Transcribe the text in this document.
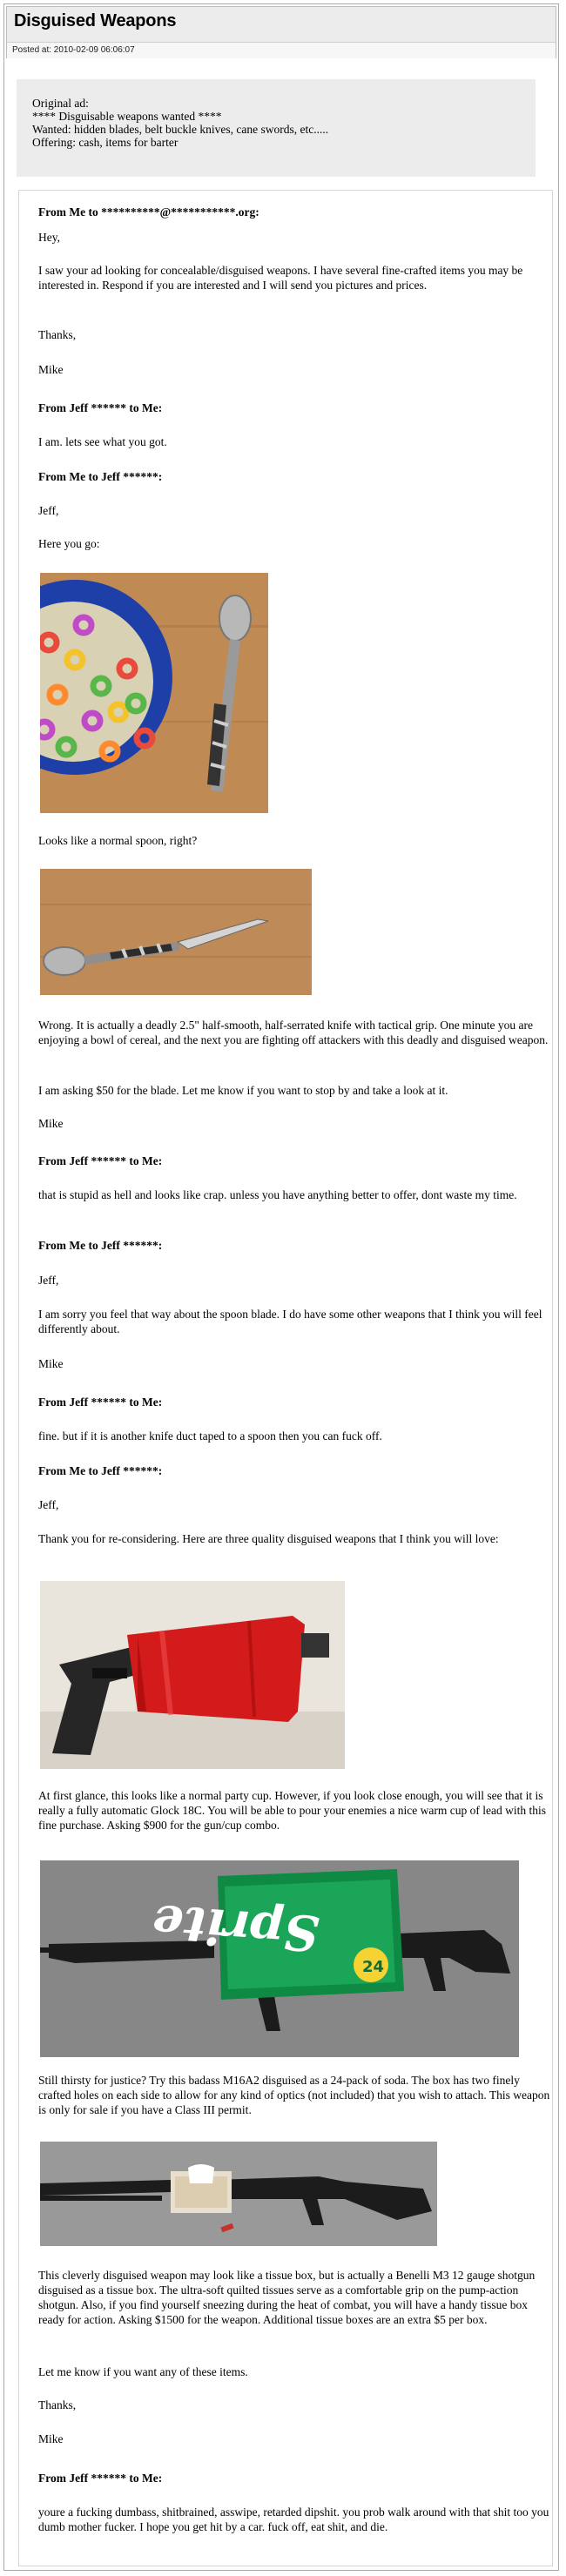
Disguised Weapons
Posted at: 2010-02-09 06:06:07
Original ad:
**** Disguisable weapons wanted ****
Wanted: hidden blades, belt buckle knives, cane swords, etc.....
Offering: cash, items for barter
From Me to **********@***********.org:
Hey,
I saw your ad looking for concealable/disguised weapons. I have several fine-crafted items you may be interested in. Respond if you are interested and I will send you pictures and prices.
Thanks,
Mike
From Jeff ****** to Me:
I am. lets see what you got.
From Me to Jeff ******:
Jeff,
Here you go:
Looks like a normal spoon, right?
Wrong. It is actually a deadly 2.5" half-smooth, half-serrated knife with tactical grip. One minute you are enjoying a bowl of cereal, and the next you are fighting off attackers with this deadly and disguised weapon.
I am asking $50 for the blade. Let me know if you want to stop by and take a look at it.
Mike
From Jeff ****** to Me:
that is stupid as hell and looks like crap. unless you have anything better to offer, dont waste my time.
From Me to Jeff ******:
Jeff,
I am sorry you feel that way about the spoon blade. I do have some other weapons that I think you will feel differently about.
Mike
From Jeff ****** to Me:
fine. but if it is another knife duct taped to a spoon then you can fuck off.
From Me to Jeff ******:
Jeff,
Thank you for re-considering. Here are three quality disguised weapons that I think you will love:
At first glance, this looks like a normal party cup. However, if you look close enough, you will see that it is really a fully automatic Glock 18C. You will be able to pour your enemies a nice warm cup of lead with this fine purchase. Asking $900 for the gun/cup combo.
Sprite
24
Still thirsty for justice? Try this badass M16A2 disguised as a 24-pack of soda. The box has two finely crafted holes on each side to allow for any kind of optics (not included) that you wish to attach. This weapon is only for sale if you have a Class III permit.
This cleverly disguised weapon may look like a tissue box, but is actually a Benelli M3 12 gauge shotgun disguised as a tissue box. The ultra-soft quilted tissues serve as a comfortable grip on the pump-action shotgun. Also, if you find yourself sneezing during the heat of combat, you will have a handy tissue box ready for action. Asking $1500 for the weapon. Additional tissue boxes are an extra $5 per box.
Let me know if you want any of these items.
Thanks,
Mike
From Jeff ****** to Me:
youre a fucking dumbass, shitbrained, asswipe, retarded dipshit. you prob walk around with that shit too you dumb mother fucker. I hope you get hit by a car. fuck off, eat shit, and die.
